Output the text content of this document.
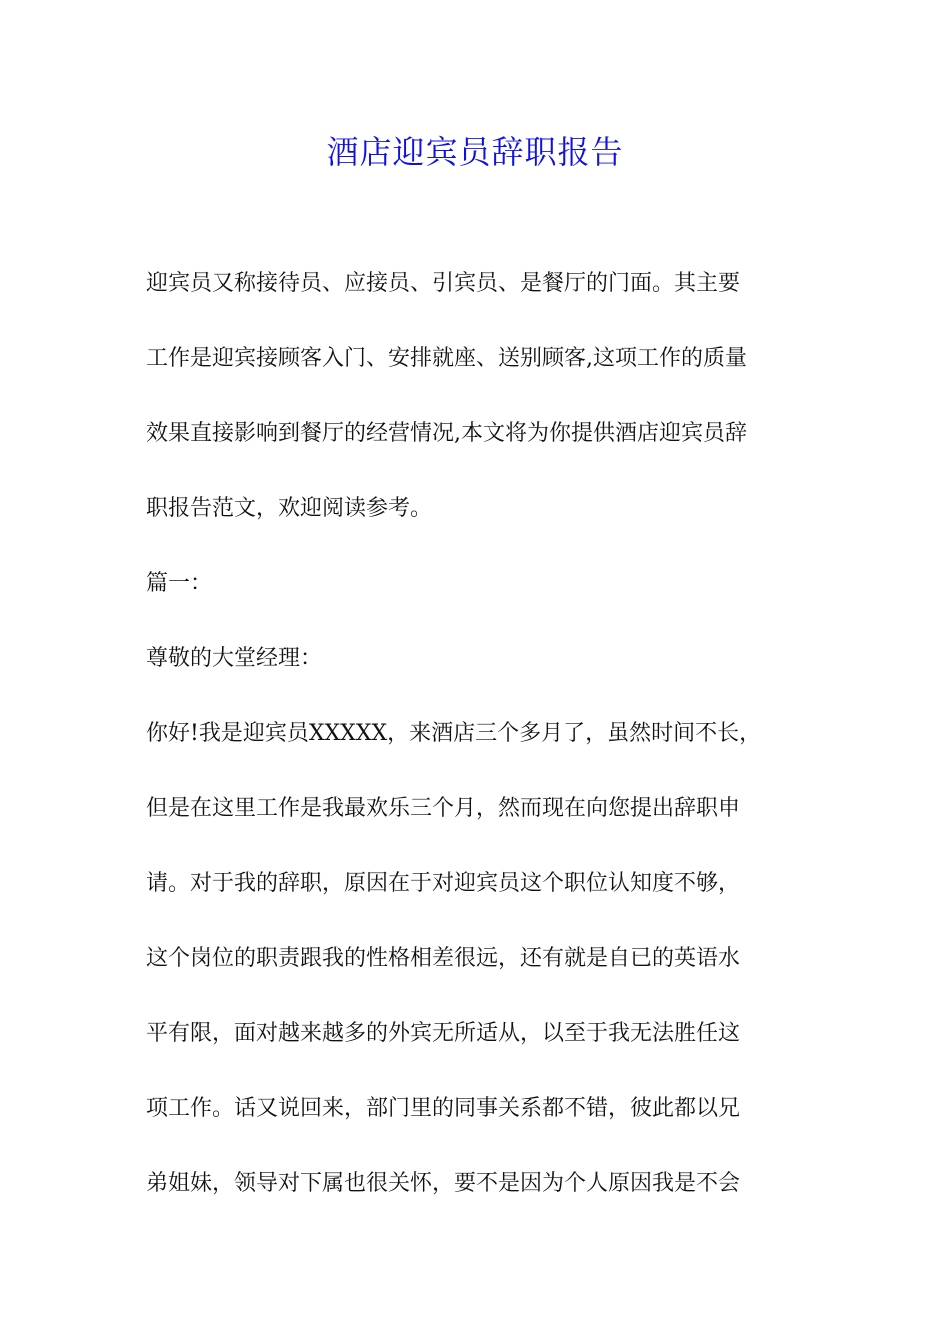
酒店迎宾员辞职报告

迎宾员又称接待员、应接员、引宾员、是餐厅的门面。其主要

工作是迎宾接顾客入门、安排就座、送别顾客,这项工作的质量

效果直接影响到餐厅的经营情况,本文将为你提供酒店迎宾员辞

职报告范文，欢迎阅读参考。

篇一：

尊敬的大堂经理：

你好!我是迎宾员XXXXX，来酒店三个多月了，虽然时间不长，

但是在这里工作是我最欢乐三个月，然而现在向您提出辞职申

请。对于我的辞职，原因在于对迎宾员这个职位认知度不够，

这个岗位的职责跟我的性格相差很远，还有就是自已的英语水

平有限，面对越来越多的外宾无所适从，以至于我无法胜任这

项工作。话又说回来，部门里的同事关系都不错，彼此都以兄

弟姐妹，领导对下属也很关怀，要不是因为个人原因我是不会
